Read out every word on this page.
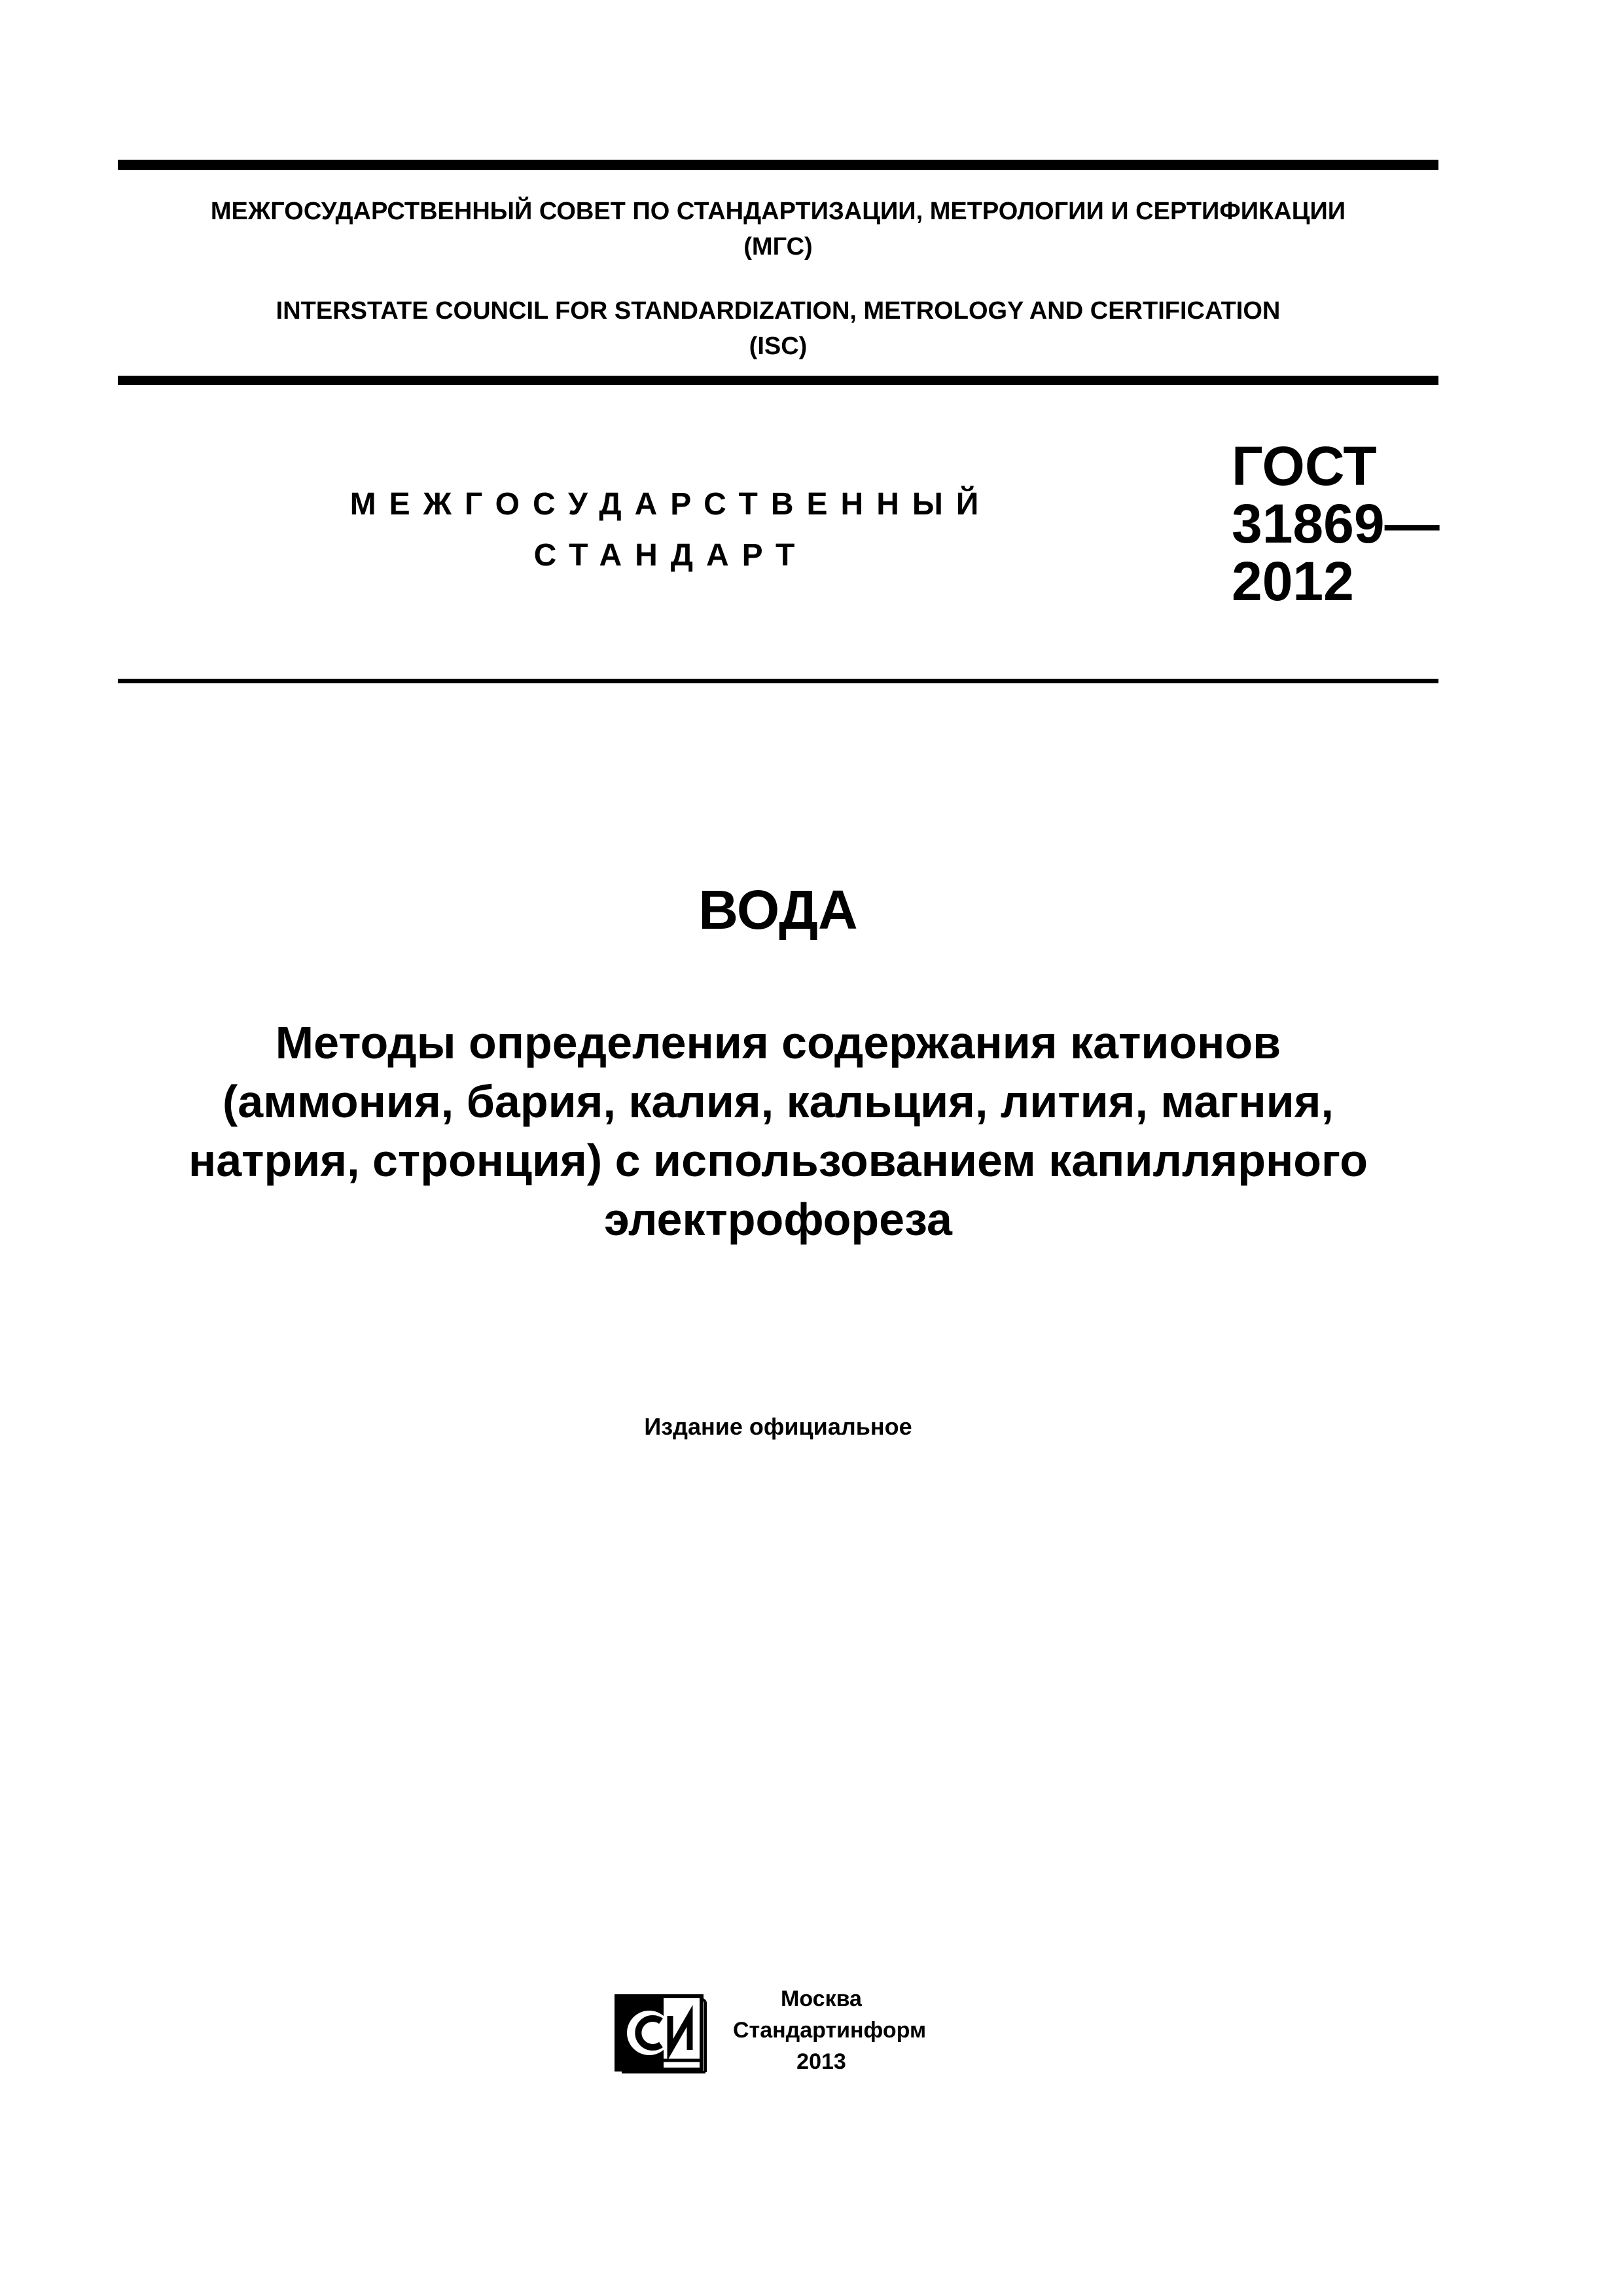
МЕЖГОСУДАРСТВЕННЫЙ СОВЕТ ПО СТАНДАРТИЗАЦИИ, МЕТРОЛОГИИ И СЕРТИФИКАЦИИ
(МГС)
INTERSTATE COUNCIL FOR STANDARDIZATION, METROLOGY AND CERTIFICATION
(ISC)
МЕЖГОСУДАРСТВЕННЫЙ
СТАНДАРТ
ГОСТ
31869—
2012
ВОДА
Методы определения содержания катионов
(аммония, бария, калия, кальция, лития, магния,
натрия, стронция) с использованием капиллярного
электрофореза
Издание официальное
Москва
Стандартинформ
2013
